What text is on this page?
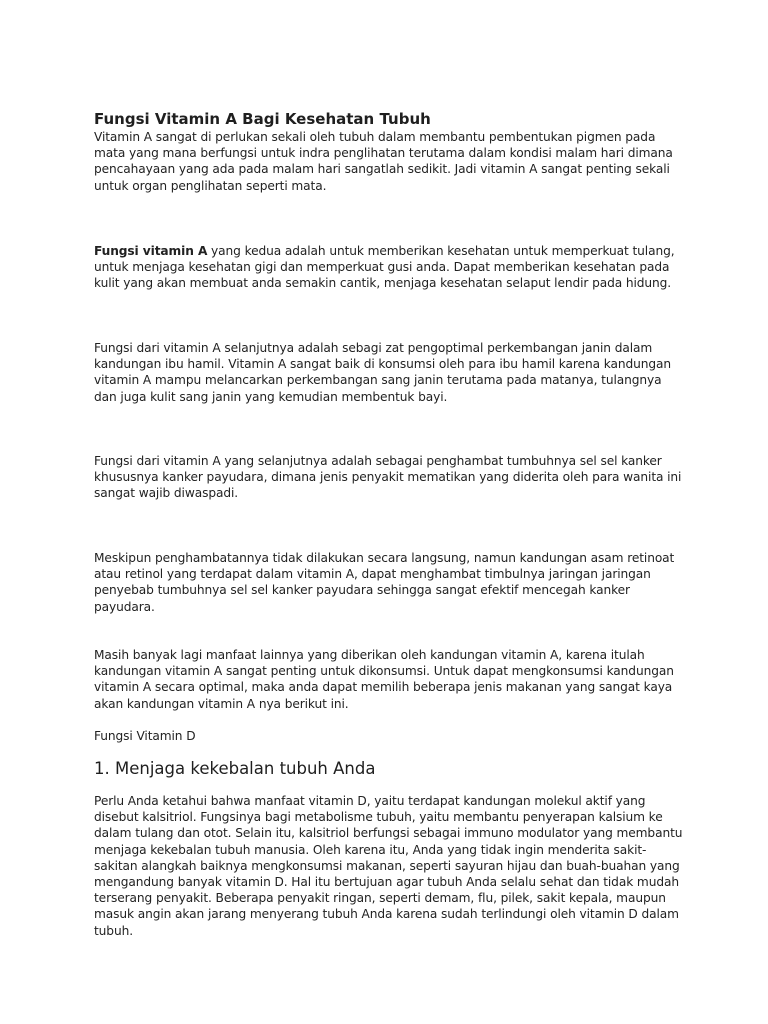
Fungsi Vitamin A Bagi Kesehatan Tubuh

Vitamin A sangat di perlukan sekali oleh tubuh dalam membantu pembentukan pigmen pada mata yang mana berfungsi untuk indra penglihatan terutama dalam kondisi malam hari dimana pencahayaan yang ada pada malam hari sangatlah sedikit. Jadi vitamin A sangat penting sekali untuk organ penglihatan seperti mata.

Fungsi vitamin A yang kedua adalah untuk memberikan kesehatan untuk memperkuat tulang, untuk menjaga kesehatan gigi dan memperkuat gusi anda. Dapat memberikan kesehatan pada kulit yang akan membuat anda semakin cantik, menjaga kesehatan selaput lendir pada hidung.

Fungsi dari vitamin A selanjutnya adalah sebagi zat pengoptimal perkembangan janin dalam kandungan ibu hamil. Vitamin A sangat baik di konsumsi oleh para ibu hamil karena kandungan vitamin A mampu melancarkan perkembangan sang janin terutama pada matanya, tulangnya dan juga kulit sang janin yang kemudian membentuk bayi.

Fungsi dari vitamin A yang selanjutnya adalah sebagai penghambat tumbuhnya sel sel kanker khususnya kanker payudara, dimana jenis penyakit mematikan yang diderita oleh para wanita ini sangat wajib diwaspadi.

Meskipun penghambatannya tidak dilakukan secara langsung, namun kandungan asam retinoat atau retinol yang terdapat dalam vitamin A, dapat menghambat timbulnya jaringan jaringan penyebab tumbuhnya sel sel kanker payudara sehingga sangat efektif mencegah kanker payudara.

Masih banyak lagi manfaat lainnya yang diberikan oleh kandungan vitamin A, karena itulah kandungan vitamin A sangat penting untuk dikonsumsi. Untuk dapat mengkonsumsi kandungan vitamin A secara optimal, maka anda dapat memilih beberapa jenis makanan yang sangat kaya akan kandungan vitamin A nya berikut ini.

Fungsi Vitamin D

1. Menjaga kekebalan tubuh Anda

Perlu Anda ketahui bahwa manfaat vitamin D, yaitu terdapat kandungan molekul aktif yang disebut kalsitriol. Fungsinya bagi metabolisme tubuh, yaitu membantu penyerapan kalsium ke dalam tulang dan otot. Selain itu, kalsitriol berfungsi sebagai immuno modulator yang membantu menjaga kekebalan tubuh manusia. Oleh karena itu, Anda yang tidak ingin menderita sakit-sakitan alangkah baiknya mengkonsumsi makanan, seperti sayuran hijau dan buah-buahan yang mengandung banyak vitamin D. Hal itu bertujuan agar tubuh Anda selalu sehat dan tidak mudah terserang penyakit. Beberapa penyakit ringan, seperti demam, flu, pilek, sakit kepala, maupun masuk angin akan jarang menyerang tubuh Anda karena sudah terlindungi oleh vitamin D dalam tubuh.
